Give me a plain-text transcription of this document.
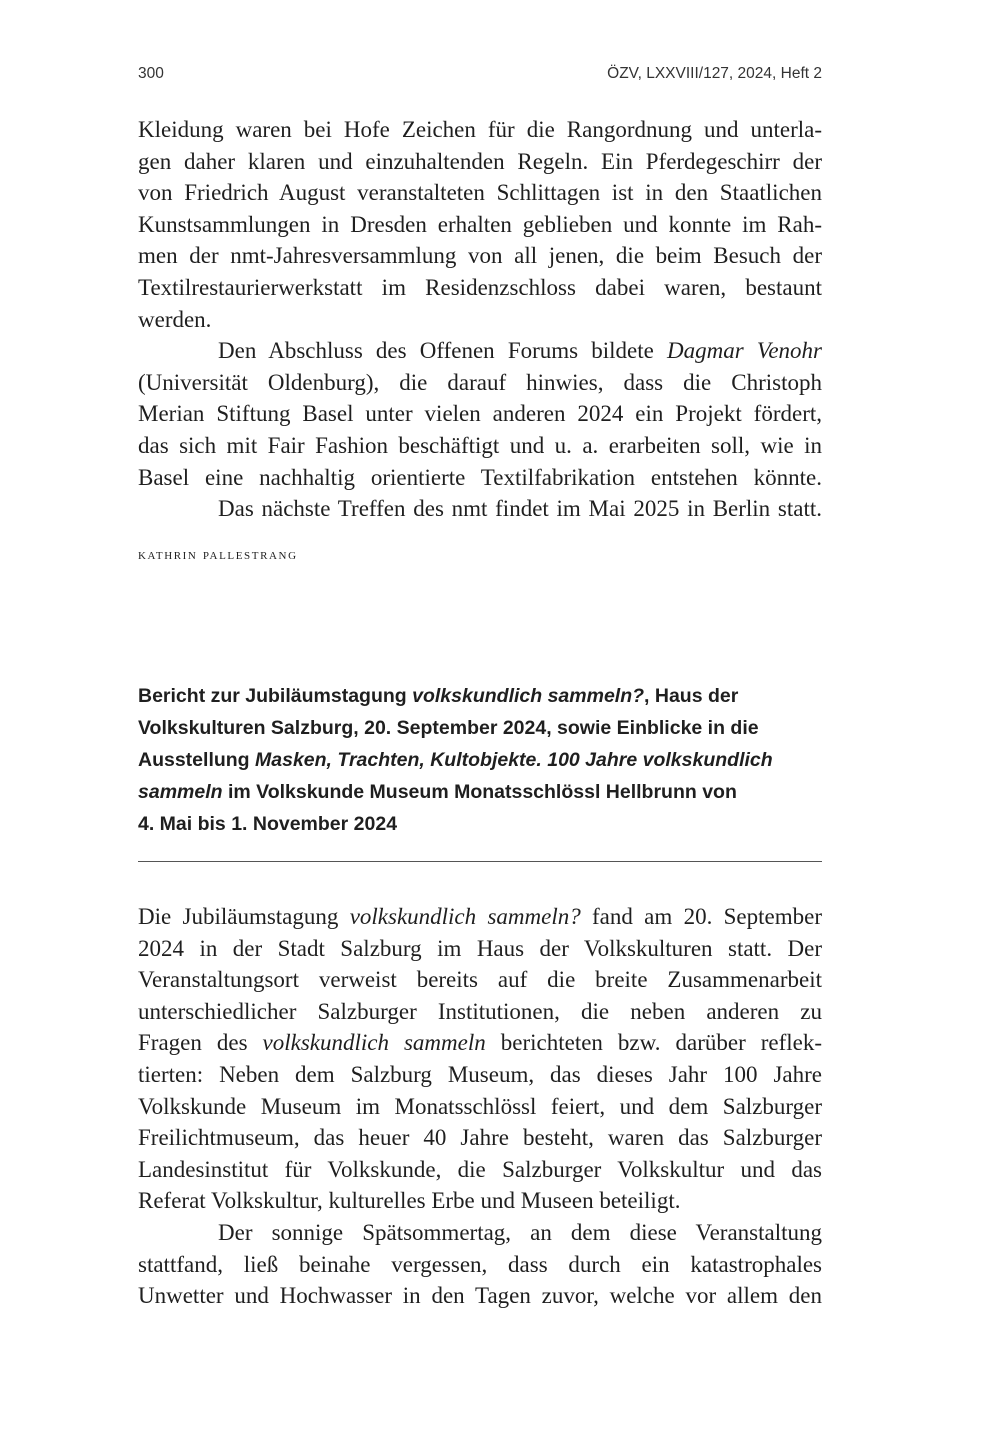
300	ÖZV, LXXVIII/127, 2024, Heft 2
Kleidung waren bei Hofe Zeichen für die Rangordnung und unterla-
gen daher klaren und einzuhaltenden Regeln. Ein Pferdegeschirr der
von Friedrich August veranstalteten Schlittagen ist in den Staatlichen
Kunstsammlungen in Dresden erhalten geblieben und konnte im Rah-
men der nmt-Jahresversammlung von all jenen, die beim Besuch der
Textilrestaurierwerkstatt im Residenzschloss dabei waren, bestaunt
werden.
Den Abschluss des Offenen Forums bildete Dagmar Venohr
(Universität Oldenburg), die darauf hinwies, dass die Christoph
Merian Stiftung Basel unter vielen anderen 2024 ein Projekt fördert,
das sich mit Fair Fashion beschäftigt und u. a. erarbeiten soll, wie in
Basel eine nachhaltig orientierte Textilfabrikation entstehen könnte.
Das nächste Treffen des nmt findet im Mai 2025 in Berlin statt.
kathrin pallestrang
Bericht zur Jubiläumstagung volkskundlich sammeln?, Haus der
Volkskulturen Salzburg, 20. September 2024, sowie Einblicke in die
Ausstellung Masken, Trachten, Kultobjekte. 100 Jahre volkskundlich
sammeln im Volkskunde Museum Monatsschlössl Hellbrunn von
4. Mai bis 1. November 2024
Die Jubiläumstagung volkskundlich sammeln? fand am 20. September
2024 in der Stadt Salzburg im Haus der Volkskulturen statt. Der
Veranstaltungsort verweist bereits auf die breite Zusammenarbeit
unterschiedlicher Salzburger Institutionen, die neben anderen zu
Fragen des volkskundlich sammeln berichteten bzw. darüber reflek-
tierten: Neben dem Salzburg Museum, das dieses Jahr 100 Jahre
Volkskunde Museum im Monatsschlössl feiert, und dem Salzburger
Freilichtmuseum, das heuer 40 Jahre besteht, waren das Salzburger
Landesinstitut für Volkskunde, die Salzburger Volkskultur und das
Referat Volkskultur, kulturelles Erbe und Museen beteiligt.
Der sonnige Spätsommertag, an dem diese Veranstaltung
stattfand, ließ beinahe vergessen, dass durch ein katastrophales
Unwetter und Hochwasser in den Tagen zuvor, welche vor allem den
